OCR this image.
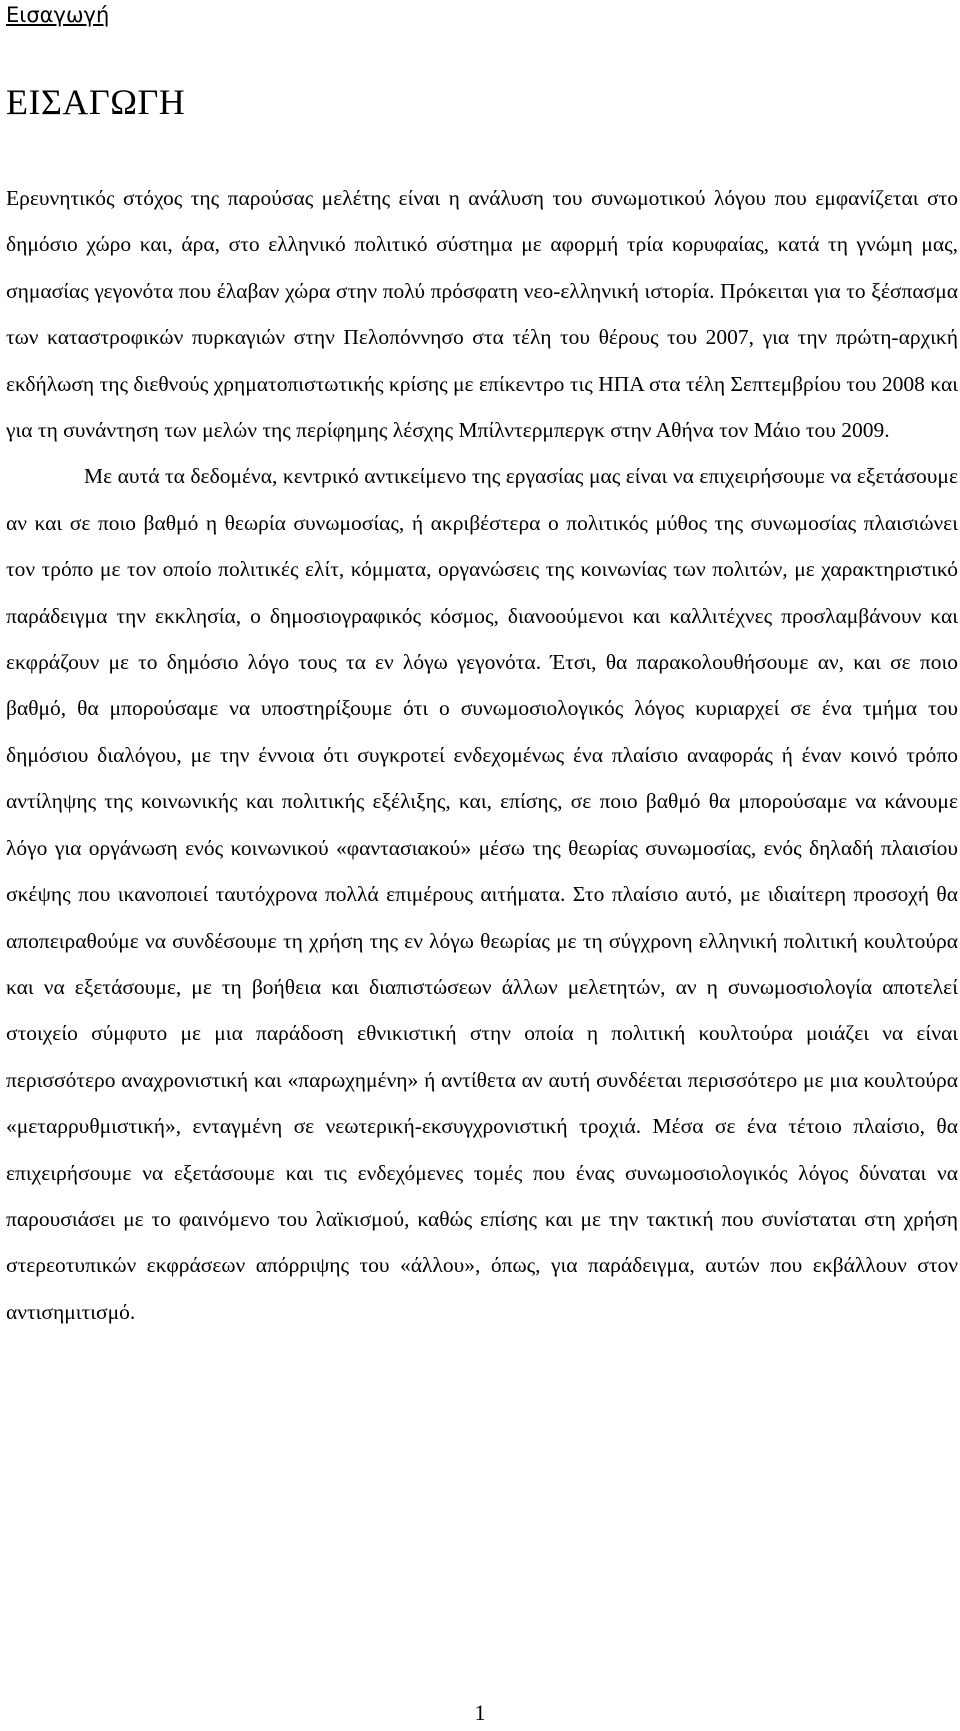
Εισαγωγή
ΕΙΣΑΓΩΓΗ

Ερευνητικός στόχος της παρούσας μελέτης είναι η ανάλυση του συνωμοτικού λόγου που εμφανίζεται στο δημόσιο χώρο και, άρα, στο ελληνικό πολιτικό σύστημα με αφορμή τρία κορυφαίας, κατά τη γνώμη μας, σημασίας γεγονότα που έλαβαν χώρα στην πολύ πρόσφατη νεο-ελληνική ιστορία. Πρόκειται για το ξέσπασμα των καταστροφικών πυρκαγιών στην Πελοπόννησο στα τέλη του θέρους του 2007, για την πρώτη-αρχική εκδήλωση της διεθνούς χρηματοπιστωτικής κρίσης με επίκεντρο τις ΗΠΑ στα τέλη Σεπτεμβρίου του 2008 και για τη συνάντηση των μελών της περίφημης λέσχης Μπίλντερμπεργκ στην Αθήνα τον Μάιο του 2009.

Με αυτά τα δεδομένα, κεντρικό αντικείμενο της εργασίας μας είναι να επιχειρήσουμε να εξετάσουμε αν και σε ποιο βαθμό η θεωρία συνωμοσίας, ή ακριβέστερα ο πολιτικός μύθος της συνωμοσίας πλαισιώνει τον τρόπο με τον οποίο πολιτικές ελίτ, κόμματα, οργανώσεις της κοινωνίας των πολιτών, με χαρακτηριστικό παράδειγμα την εκκλησία, ο δημοσιογραφικός κόσμος, διανοούμενοι και καλλιτέχνες προσλαμβάνουν και εκφράζουν με το δημόσιο λόγο τους τα εν λόγω γεγονότα. Έτσι, θα παρακολουθήσουμε αν, και σε ποιο βαθμό, θα μπορούσαμε να υποστηρίξουμε ότι ο συνωμοσιολογικός λόγος κυριαρχεί σε ένα τμήμα του δημόσιου διαλόγου, με την έννοια ότι συγκροτεί ενδεχομένως ένα πλαίσιο αναφοράς ή έναν κοινό τρόπο αντίληψης της κοινωνικής και πολιτικής εξέλιξης, και, επίσης, σε ποιο βαθμό θα μπορούσαμε να κάνουμε λόγο για οργάνωση ενός κοινωνικού «φαντασιακού» μέσω της θεωρίας συνωμοσίας, ενός δηλαδή πλαισίου σκέψης που ικανοποιεί ταυτόχρονα πολλά επιμέρους αιτήματα. Στο πλαίσιο αυτό, με ιδιαίτερη προσοχή θα αποπειραθούμε να συνδέσουμε τη χρήση της εν λόγω θεωρίας με τη σύγχρονη ελληνική πολιτική κουλτούρα και να εξετάσουμε, με τη βοήθεια και διαπιστώσεων άλλων μελετητών, αν η συνωμοσιολογία αποτελεί στοιχείο σύμφυτο με μια παράδοση εθνικιστική στην οποία η πολιτική κουλτούρα μοιάζει να είναι περισσότερο αναχρονιστική και «παρωχημένη» ή αντίθετα αν αυτή συνδέεται περισσότερο με μια κουλτούρα «μεταρρυθμιστική», ενταγμένη σε νεωτερική-εκσυγχρονιστική τροχιά. Μέσα σε ένα τέτοιο πλαίσιο, θα επιχειρήσουμε να εξετάσουμε και τις ενδεχόμενες τομές που ένας συνωμοσιολογικός λόγος δύναται να παρουσιάσει με το φαινόμενο του λαϊκισμού, καθώς επίσης και με την τακτική που συνίσταται στη χρήση στερεοτυπικών εκφράσεων απόρριψης του «άλλου», όπως, για παράδειγμα, αυτών που εκβάλλουν στον αντισημιτισμό.

1
